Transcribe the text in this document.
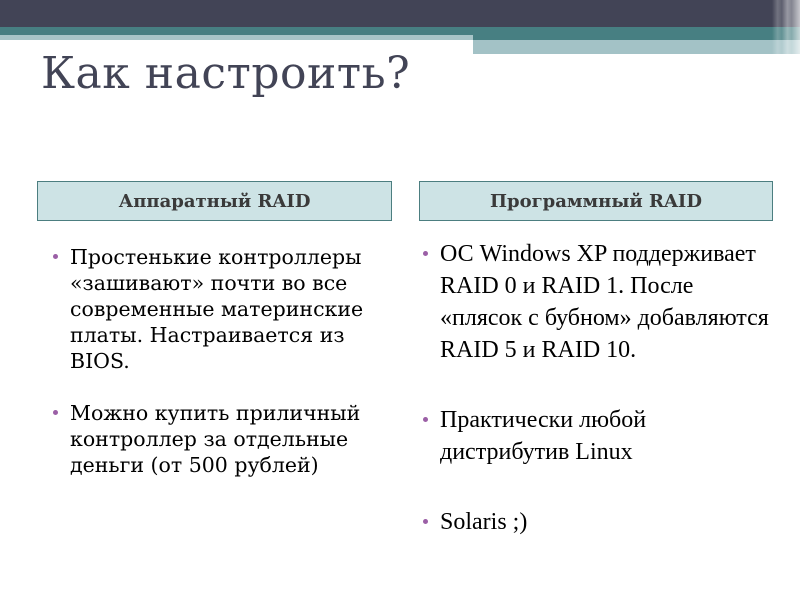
Как настроить?
Аппаратный RAID	Программный RAID
Простенькие контроллеры «зашивают» почти во все современные материнские платы. Настраивается из BIOS.
Можно купить приличный контроллер за отдельные деньги (от 500 рублей)
ОС Windows XP поддерживает RAID 0 и RAID 1. После «плясок с бубном» добавляются RAID 5 и RAID 10.
Практически любой дистрибутив Linux
Solaris ;)
